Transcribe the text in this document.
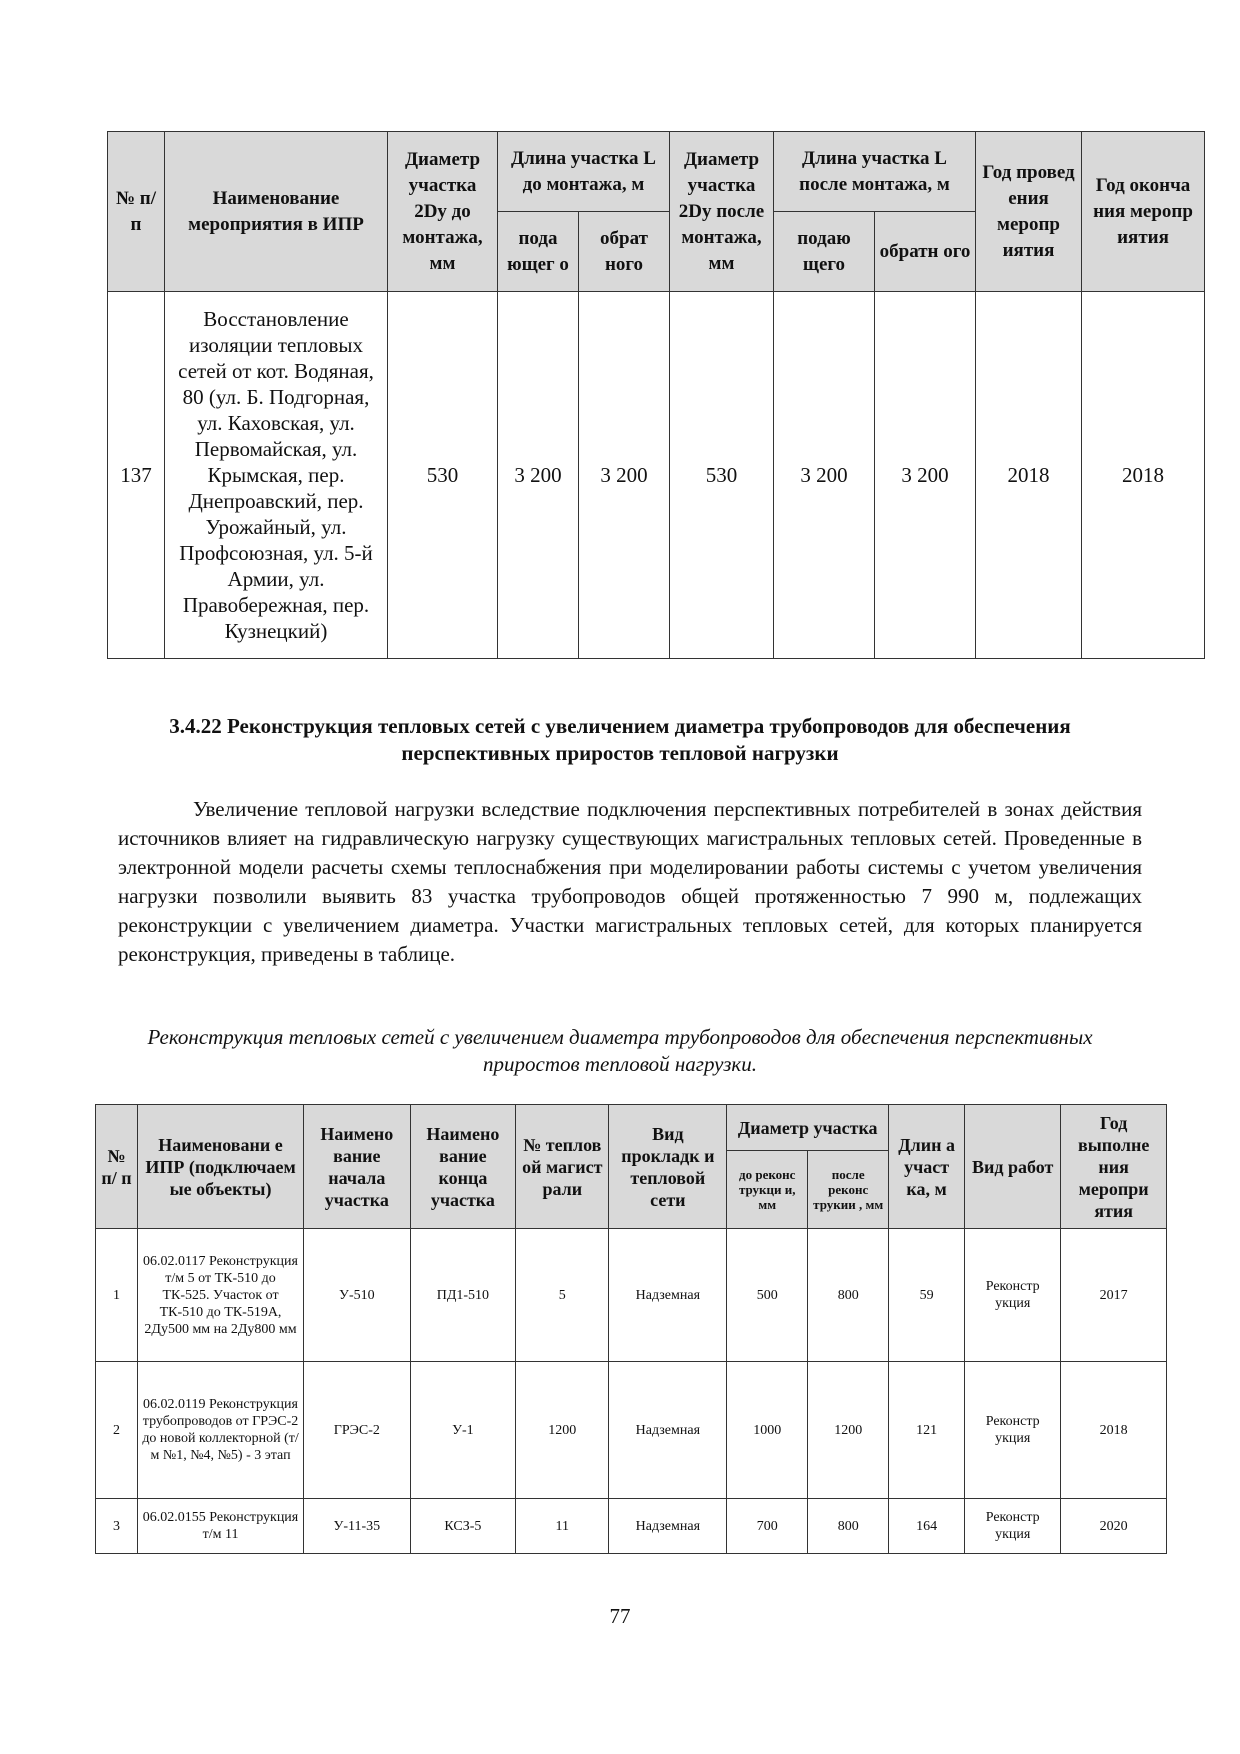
№ п/п	Наименование мероприятия в ИПР	Диаметр участка 2Dy до монтажа, мм	Длина участка L до монтажа, м		Диаметр участка 2Dy после монтажа, мм	Длина участка L после монтажа, м		Год провед ения меропр иятия	Год оконча ния меропр иятия
			пода ющег о	обрат ного		подаю щего	обратн ого		
137	Восстановление изоляции тепловых сетей от кот. Водяная, 80 (ул. Б. Подгорная, ул. Каховская, ул. Первомайская, ул. Крымская, пер. Днепроавский, пер. Урожайный, ул. Профсоюзная, ул. 5-й Армии, ул. Правобережная, пер. Кузнецкий)	530	3 200	3 200	530	3 200	3 200	2018	2018
3.4.22 Реконструкция тепловых сетей с увеличением диаметра трубопроводов для обеспечения перспективных приростов тепловой нагрузки
Увеличение тепловой нагрузки вследствие подключения перспективных потребителей в зонах действия источников влияет на гидравлическую нагрузку существующих магистральных тепловых сетей. Проведенные в электронной модели расчеты схемы теплоснабжения при моделировании работы системы с учетом увеличения нагрузки позволили выявить 83 участка трубопроводов общей протяженностью 7 990 м, подлежащих реконструкции с увеличением диаметра. Участки магистральных тепловых сетей, для которых планируется реконструкция, приведены в таблице.
Реконструкция тепловых сетей с увеличением диаметра трубопроводов для обеспечения перспективных приростов тепловой нагрузки.
№ п/ п	Наименовани е ИПР (подключаем ые объекты)	Наимено вание начала участка	Наимено вание конца участка	№ теплов ой магист рали	Вид прокладк и тепловой сети	Диаметр участка		Длин а участ ка, м	Вид работ	Год выполне ния меропри ятия
						до реконс трукци и, мм	после реконс трукии , мм			
1	06.02.0117 Реконструкция т/м 5 от ТК-510 до ТК-525. Участок от ТК-510 до ТК-519А, 2Ду500 мм на 2Ду800 мм	У-510	ПД1-510	5	Надземная	500	800	59	Реконстр укция	2017
2	06.02.0119 Реконструкция трубопроводов от ГРЭС-2 до новой коллекторной (т/м №1, №4, №5) - 3 этап	ГРЭС-2	У-1	1200	Надземная	1000	1200	121	Реконстр укция	2018
3	06.02.0155 Реконструкция т/м 11	У-11-35	КСЗ-5	11	Надземная	700	800	164	Реконстр укция	2020
77
